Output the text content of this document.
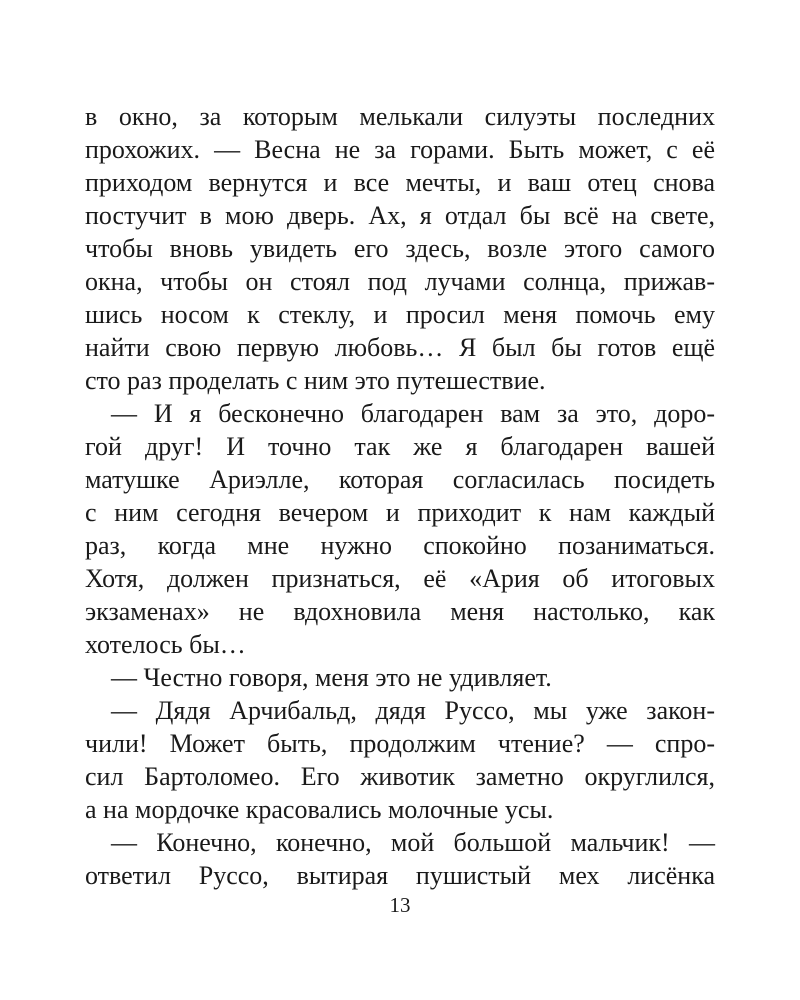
в окно, за которым мелькали силуэты последних
прохожих. — Весна не за горами. Быть может, с её
приходом вернутся и все мечты, и ваш отец снова
постучит в мою дверь. Ах, я отдал бы всё на свете,
чтобы вновь увидеть его здесь, возле этого самого
окна, чтобы он стоял под лучами солнца, прижав-
шись носом к стеклу, и просил меня помочь ему
найти свою первую любовь… Я был бы готов ещё
сто раз проделать с ним это путешествие.
— И я бесконечно благодарен вам за это, доро-
гой друг! И точно так же я благодарен вашей
матушке Ариэлле, которая согласилась посидеть
с ним сегодня вечером и приходит к нам каждый
раз, когда мне нужно спокойно позаниматься.
Хотя, должен признаться, её «Ария об итоговых
экзаменах» не вдохновила меня настолько, как
хотелось бы…
— Честно говоря, меня это не удивляет.
— Дядя Арчибальд, дядя Руссо, мы уже закон-
чили! Может быть, продолжим чтение? — спро-
сил Бартоломео. Его животик заметно округлился,
а на мордочке красовались молочные усы.
— Конечно, конечно, мой большой мальчик! —
ответил Руссо, вытирая пушистый мех лисёнка
13
